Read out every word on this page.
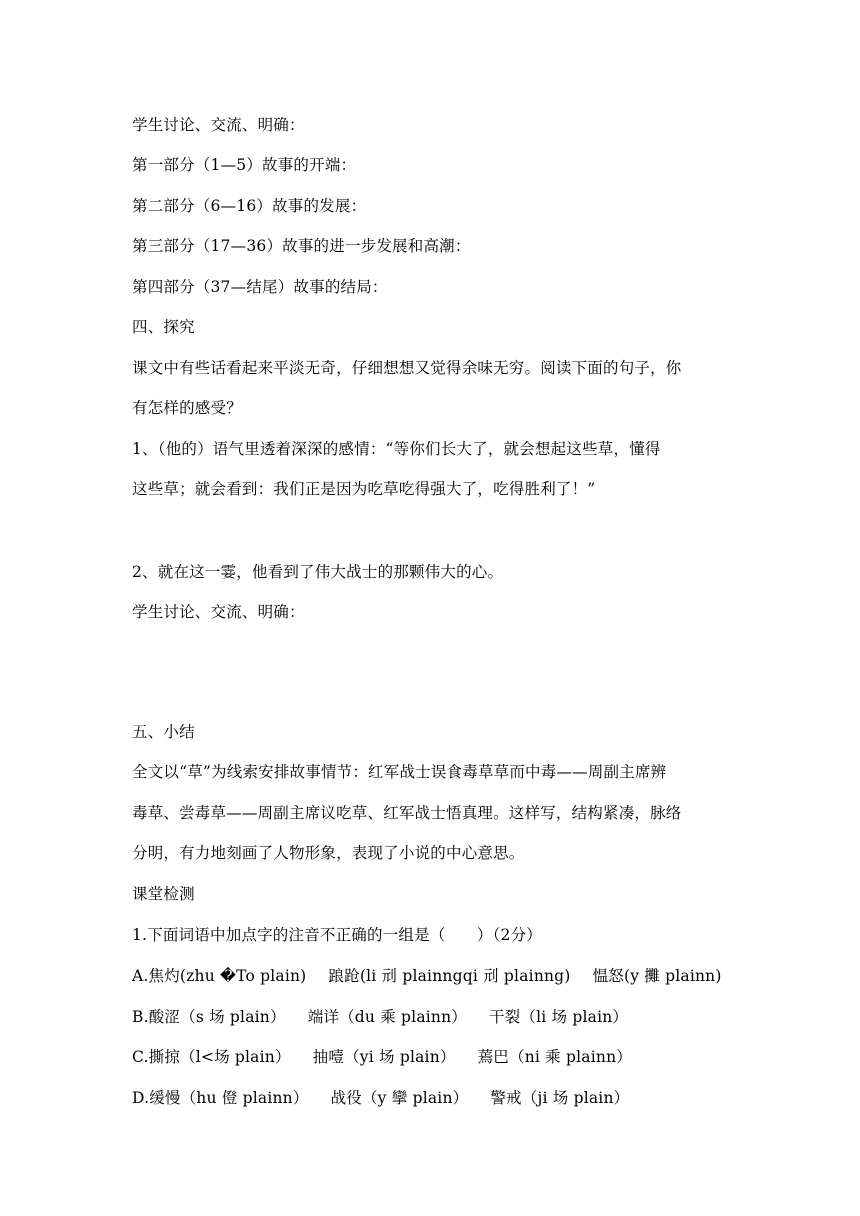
学生讨论、交流、明确：
第一部分（1—5）故事的开端：
第二部分（6—16）故事的发展：
第三部分（17—36）故事的进一步发展和高潮：
第四部分（37—结尾）故事的结局：
四、探究
课文中有些话看起来平淡无奇，仔细想想又觉得余味无穷。阅读下面的句子，你
有怎样的感受？
1、（他的）语气里透着深深的感情：“等你们长大了，就会想起这些草，懂得
这些草；就会看到：我们正是因为吃草吃得强大了，吃得胜利了！”
2、就在这一霎，他看到了伟大战士的那颗伟大的心。
学生讨论、交流、明确：
五、小结
全文以“草”为线索安排故事情节：红军战士误食毒草草而中毒——周副主席辨
毒草、尝毒草——周副主席议吃草、红军战士悟真理。这样写，结构紧凑，脉络
分明，有力地刻画了人物形象，表现了小说的中心意思。
课堂检测
1.下面词语中加点字的注音不正确的一组是（　　）（2分）
A.焦灼(zhu �To plain) 踉跄(li 刓 plainngqi 刓 plainng) 愠怒(y 攤 plainn)
B.酸涩（s 场 plain） 端详（du 乘 plainn） 干裂（li 场 plain）
C.撕掠（l<场 plain） 抽噎（yi 场 plain） 蔫巴（ni 乘 plainn）
D.缓慢（hu 僜 plainn） 战役（y 攣 plain） 警戒（ji 场 plain）
